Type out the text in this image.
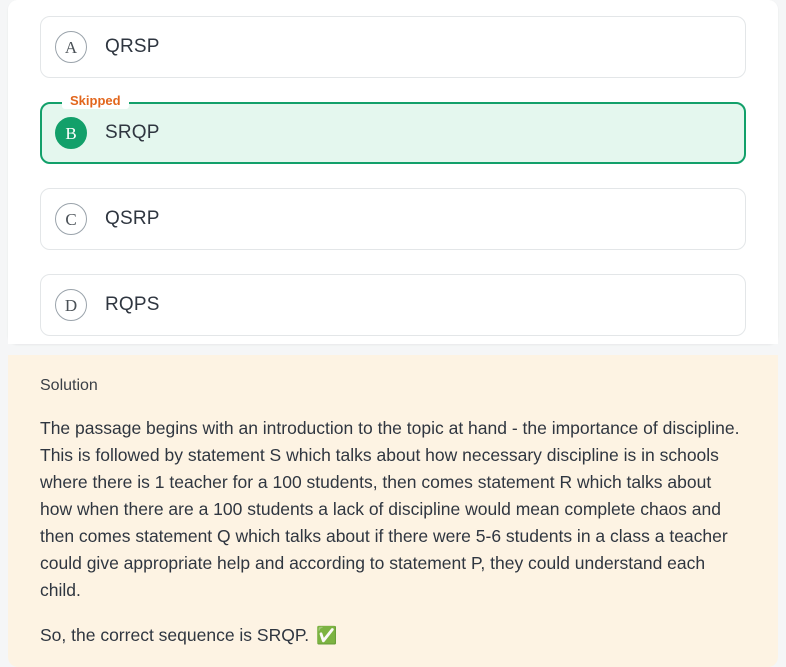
A	QRSP
Skipped
B	SRQP
C	QSRP
D	RQPS
Solution

The passage begins with an introduction to the topic at hand - the importance of discipline. This is followed by statement S which talks about how necessary discipline is in schools where there is 1 teacher for a 100 students, then comes statement R which talks about how when there are a 100 students a lack of discipline would mean complete chaos and then comes statement Q which talks about if there were 5-6 students in a class a teacher could give appropriate help and according to statement P, they could understand each child.

So, the correct sequence is SRQP. ✅
